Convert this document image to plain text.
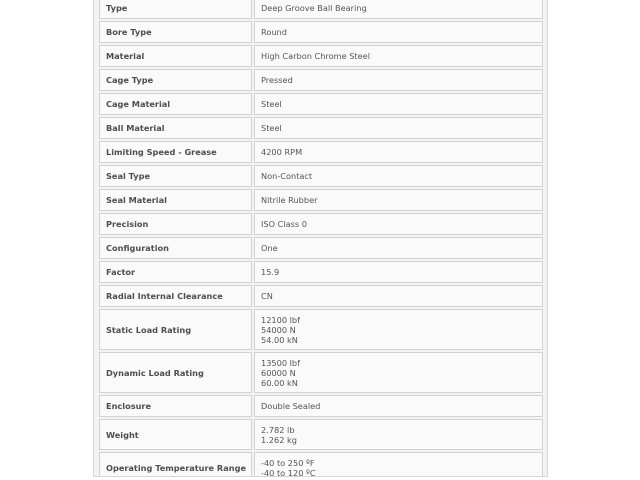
Type	Deep Groove Ball Bearing

Bore Type	Round

Material	High Carbon Chrome Steel

Cage Type	Pressed

Cage Material	Steel

Ball Material	Steel

Limiting Speed - Grease	4200 RPM

Seal Type	Non-Contact

Seal Material	Nitrile Rubber

Precision	ISO Class 0

Configuration	One

Factor	15.9

Radial Internal Clearance	CN

Static Load Rating	12100 lbf
54000 N
54.00 kN

Dynamic Load Rating	13500 lbf
60000 N
60.00 kN

Enclosure	Double Sealed

Weight	2.782 lb
1.262 kg

Operating Temperature Range	-40 to 250 ºF
-40 to 120 ºC
